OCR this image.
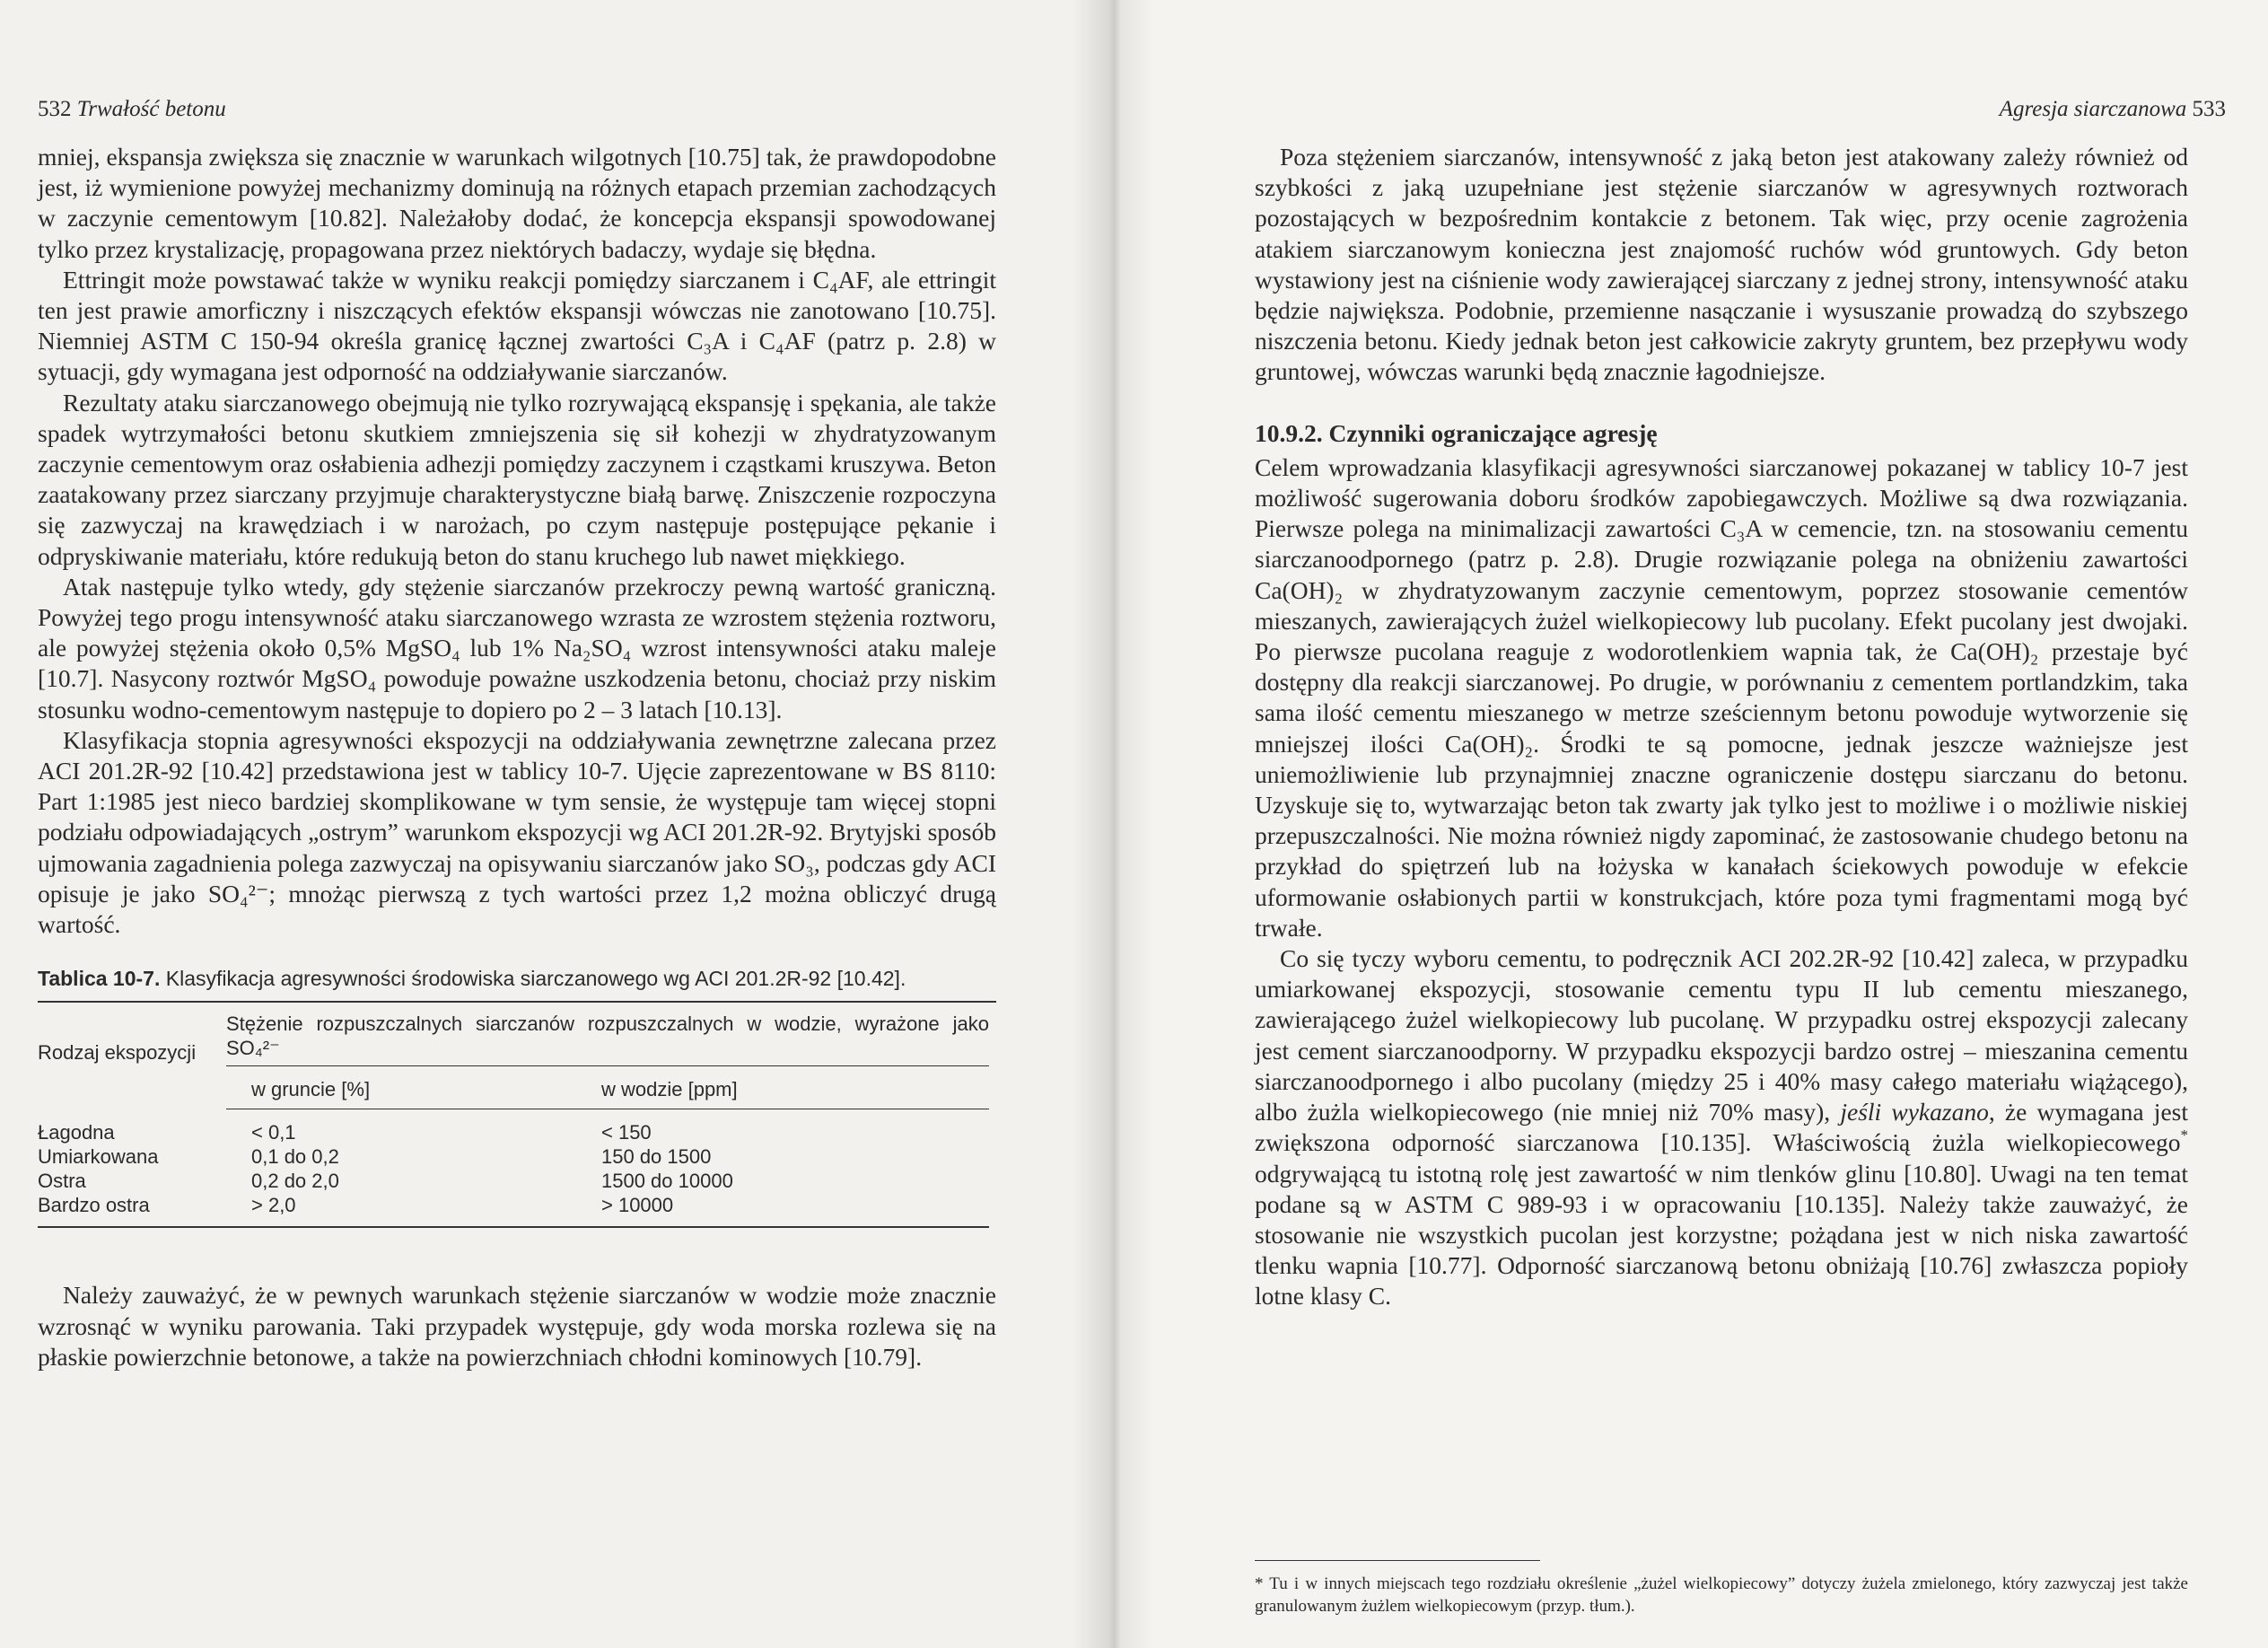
532 Trwałość betonu

mniej, ekspansja zwiększa się znacznie w warunkach wilgotnych [10.75] tak, że prawdopodobne jest, iż wymienione powyżej mechanizmy dominują na różnych etapach przemian zachodzących w zaczynie cementowym [10.82]. Należałoby dodać, że koncepcja ekspansji spowodowanej tylko przez krystalizację, propagowana przez niektórych badaczy, wydaje się błędna.

Ettringit może powstawać także w wyniku reakcji pomiędzy siarczanem i C₄AF, ale ettringit ten jest prawie amorficzny i niszczących efektów ekspansji wówczas nie zanotowano [10.75]. Niemniej ASTM C 150-94 określa granicę łącznej zwartości C₃A i C₄AF (patrz p. 2.8) w sytuacji, gdy wymagana jest odporność na oddziaływanie siarczanów.

Rezultaty ataku siarczanowego obejmują nie tylko rozrywającą ekspansję i spękania, ale także spadek wytrzymałości betonu skutkiem zmniejszenia się sił kohezji w zhydratyzowanym zaczynie cementowym oraz osłabienia adhezji pomiędzy zaczynem i cząstkami kruszywa. Beton zaatakowany przez siarczany przyjmuje charakterystyczne białą barwę. Zniszczenie rozpoczyna się zazwyczaj na krawędziach i w narożach, po czym następuje postępujące pękanie i odpryskiwanie materiału, które redukują beton do stanu kruchego lub nawet miękkiego.

Atak następuje tylko wtedy, gdy stężenie siarczanów przekroczy pewną wartość graniczną. Powyżej tego progu intensywność ataku siarczanowego wzrasta ze wzrostem stężenia roztworu, ale powyżej stężenia około 0,5% MgSO₄ lub 1% Na₂SO₄ wzrost intensywności ataku maleje [10.7]. Nasycony roztwór MgSO₄ powoduje poważne uszkodzenia betonu, chociaż przy niskim stosunku wodno-cementowym następuje to dopiero po 2 – 3 latach [10.13].

Klasyfikacja stopnia agresywności ekspozycji na oddziaływania zewnętrzne zalecana przez ACI 201.2R-92 [10.42] przedstawiona jest w tablicy 10-7. Ujęcie zaprezentowane w BS 8110: Part 1:1985 jest nieco bardziej skomplikowane w tym sensie, że występuje tam więcej stopni podziału odpowiadających „ostrym” warunkom ekspozycji wg ACI 201.2R-92. Brytyjski sposób ujmowania zagadnienia polega zazwyczaj na opisywaniu siarczanów jako SO₃, podczas gdy ACI opisuje je jako SO₄²⁻; mnożąc pierwszą z tych wartości przez 1,2 można obliczyć drugą wartość.

Tablica 10-7. Klasyfikacja agresywności środowiska siarczanowego wg ACI 201.2R-92 [10.42].
Rodzaj ekspozycji	Stężenie rozpuszczalnych siarczanów rozpuszczalnych w wodzie, wyrażone jako SO₄²⁻	
	w gruncie [%]	w wodzie [ppm]
Łagodna	< 0,1	< 150
Umiarkowana	0,1 do 0,2	150 do 1500
Ostra	0,2 do 2,0	1500 do 10000
Bardzo ostra	> 2,0	> 10000

Należy zauważyć, że w pewnych warunkach stężenie siarczanów w wodzie może znacznie wzrosnąć w wyniku parowania. Taki przypadek występuje, gdy woda morska rozlewa się na płaskie powierzchnie betonowe, a także na powierzchniach chłodni kominowych [10.79].

Agresja siarczanowa 533

Poza stężeniem siarczanów, intensywność z jaką beton jest atakowany zależy również od szybkości z jaką uzupełniane jest stężenie siarczanów w agresywnych roztworach pozostających w bezpośrednim kontakcie z betonem. Tak więc, przy ocenie zagrożenia atakiem siarczanowym konieczna jest znajomość ruchów wód gruntowych. Gdy beton wystawiony jest na ciśnienie wody zawierającej siarczany z jednej strony, intensywność ataku będzie największa. Podobnie, przemienne nasączanie i wysuszanie prowadzą do szybszego niszczenia betonu. Kiedy jednak beton jest całkowicie zakryty gruntem, bez przepływu wody gruntowej, wówczas warunki będą znacznie łagodniejsze.

10.9.2. Czynniki ograniczające agresję

Celem wprowadzania klasyfikacji agresywności siarczanowej pokazanej w tablicy 10-7 jest możliwość sugerowania doboru środków zapobiegawczych. Możliwe są dwa rozwiązania. Pierwsze polega na minimalizacji zawartości C₃A w cemencie, tzn. na stosowaniu cementu siarczanoodpornego (patrz p. 2.8). Drugie rozwiązanie polega na obniżeniu zawartości Ca(OH)₂ w zhydratyzowanym zaczynie cementowym, poprzez stosowanie cementów mieszanych, zawierających żużel wielkopiecowy lub pucolany. Efekt pucolany jest dwojaki. Po pierwsze pucolana reaguje z wodorotlenkiem wapnia tak, że Ca(OH)₂ przestaje być dostępny dla reakcji siarczanowej. Po drugie, w porównaniu z cementem portlandzkim, taka sama ilość cementu mieszanego w metrze sześciennym betonu powoduje wytworzenie się mniejszej ilości Ca(OH)₂. Środki te są pomocne, jednak jeszcze ważniejsze jest uniemożliwienie lub przynajmniej znaczne ograniczenie dostępu siarczanu do betonu. Uzyskuje się to, wytwarzając beton tak zwarty jak tylko jest to możliwe i o możliwie niskiej przepuszczalności. Nie można również nigdy zapominać, że zastosowanie chudego betonu na przykład do spiętrzeń lub na łożyska w kanałach ściekowych powoduje w efekcie uformowanie osłabionych partii w konstrukcjach, które poza tymi fragmentami mogą być trwałe.

Co się tyczy wyboru cementu, to podręcznik ACI 202.2R-92 [10.42] zaleca, w przypadku umiarkowanej ekspozycji, stosowanie cementu typu II lub cementu mieszanego, zawierającego żużel wielkopiecowy lub pucolanę. W przypadku ostrej ekspozycji zalecany jest cement siarczanoodporny. W przypadku ekspozycji bardzo ostrej – mieszanina cementu siarczanoodpornego i albo pucolany (między 25 i 40% masy całego materiału wiążącego), albo żużla wielkopiecowego (nie mniej niż 70% masy), jeśli wykazano, że wymagana jest zwiększona odporność siarczanowa [10.135]. Właściwością żużla wielkopiecowego* odgrywającą tu istotną rolę jest zawartość w nim tlenków glinu [10.80]. Uwagi na ten temat podane są w ASTM C 989-93 i w opracowaniu [10.135]. Należy także zauważyć, że stosowanie nie wszystkich pucolan jest korzystne; pożądana jest w nich niska zawartość tlenku wapnia [10.77]. Odporność siarczanową betonu obniżają [10.76] zwłaszcza popioły lotne klasy C.

* Tu i w innych miejscach tego rozdziału określenie „żużel wielkopiecowy” dotyczy żużela zmielonego, który zazwyczaj jest także granulowanym żużlem wielkopiecowym (przyp. tłum.).
